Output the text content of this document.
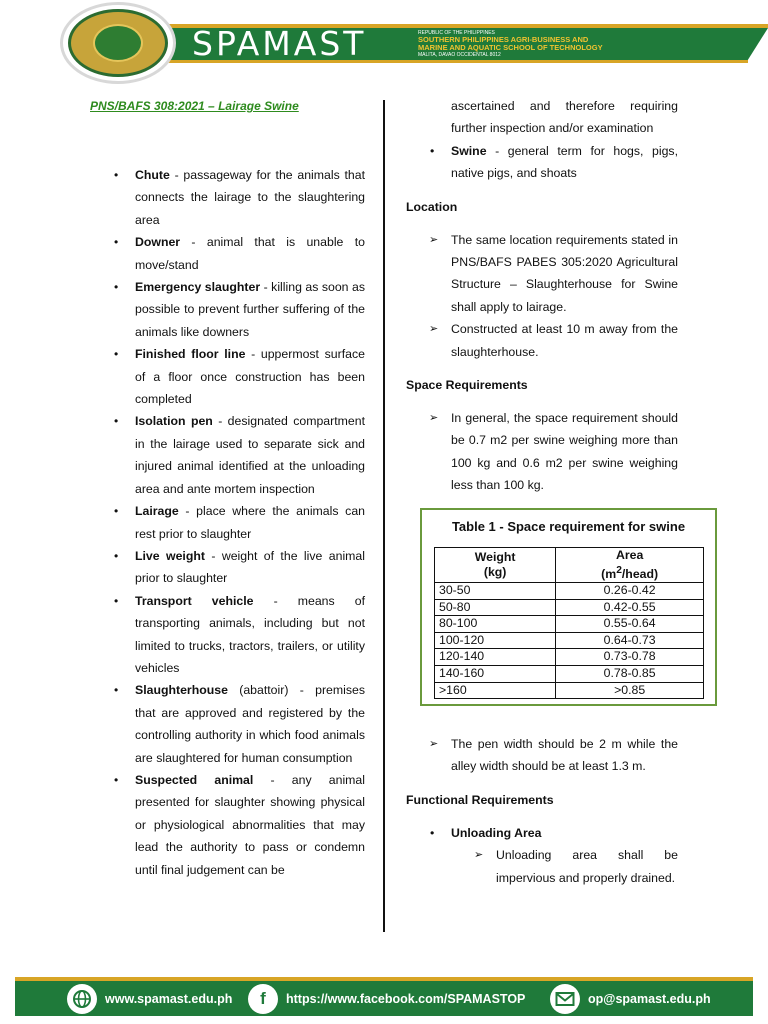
SPAMAST	REPUBLIC OF THE PHILIPPINES
SOUTHERN PHILIPPINES AGRI-BUSINESS AND
MARINE AND AQUATIC SCHOOL OF TECHNOLOGY
MALITA, DAVAO OCCIDENTAL 8012
PNS/BAFS 308:2021 – Lairage Swine
• Chute - passageway for the animals that connects the lairage to the slaughtering area
• Downer - animal that is unable to move/stand
• Emergency slaughter - killing as soon as possible to prevent further suffering of the animals like downers
• Finished floor line - uppermost surface of a floor once construction has been completed
• Isolation pen - designated compartment in the lairage used to separate sick and injured animal identified at the unloading area and ante mortem inspection
• Lairage - place where the animals can rest prior to slaughter
• Live weight - weight of the live animal prior to slaughter
• Transport vehicle - means of transporting animals, including but not limited to trucks, tractors, trailers, or utility vehicles
• Slaughterhouse (abattoir) - premises that are approved and registered by the controlling authority in which food animals are slaughtered for human consumption
• Suspected animal - any animal presented for slaughter showing physical or physiological abnormalities that may lead the authority to pass or condemn until final judgement can be
ascertained and therefore requiring further inspection and/or examination
• Swine - general term for hogs, pigs, native pigs, and shoats
Location
➢ The same location requirements stated in PNS/BAFS PABES 305:2020 Agricultural Structure – Slaughterhouse for Swine shall apply to lairage.
➢ Constructed at least 10 m away from the slaughterhouse.
Space Requirements
➢ In general, the space requirement should be 0.7 m2 per swine weighing more than 100 kg and 0.6 m2 per swine weighing less than 100 kg.
➢ The pen width should be 2 m while the alley width should be at least 1.3 m.
Functional Requirements
• Unloading Area
➢ Unloading area shall be impervious and properly drained.
Table 1 - Space requirement for swine
Weight
(kg)	Area
$(m^2/head)$
30-50	0.26-0.42
50-80	0.42-0.55
80-100	0.55-0.64
100-120	0.64-0.73
120-140	0.73-0.78
140-160	0.78-0.85
>160	>0.85
www.spamast.edu.ph	f	https://www.facebook.com/SPAMASTOP	op@spamast.edu.ph
